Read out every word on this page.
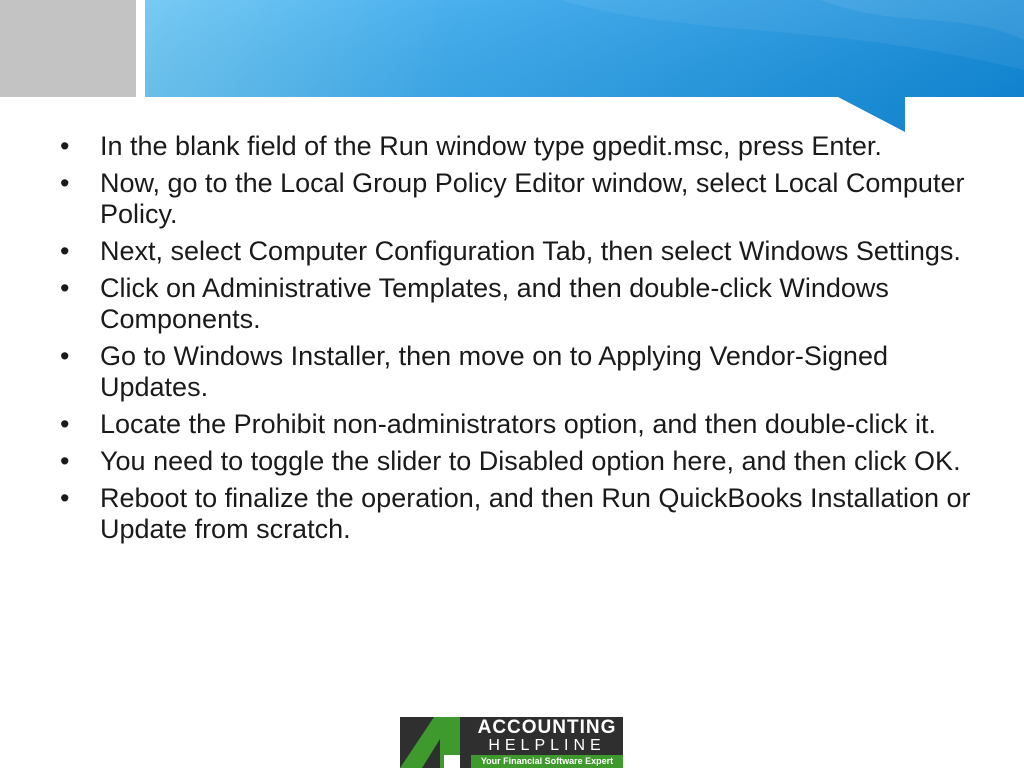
• In the blank field of the Run window type gpedit.msc, press Enter.
• Now, go to the Local Group Policy Editor window, select Local Computer Policy.
• Next, select Computer Configuration Tab, then select Windows Settings.
• Click on Administrative Templates, and then double-click Windows Components.
• Go to Windows Installer, then move on to Applying Vendor-Signed Updates.
• Locate the Prohibit non-administrators option, and then double-click it.
• You need to toggle the slider to Disabled option here, and then click OK.
• Reboot to finalize the operation, and then Run QuickBooks Installation or Update from scratch.
ACCOUNTING
HELPLINE
Your Financial Software Expert
